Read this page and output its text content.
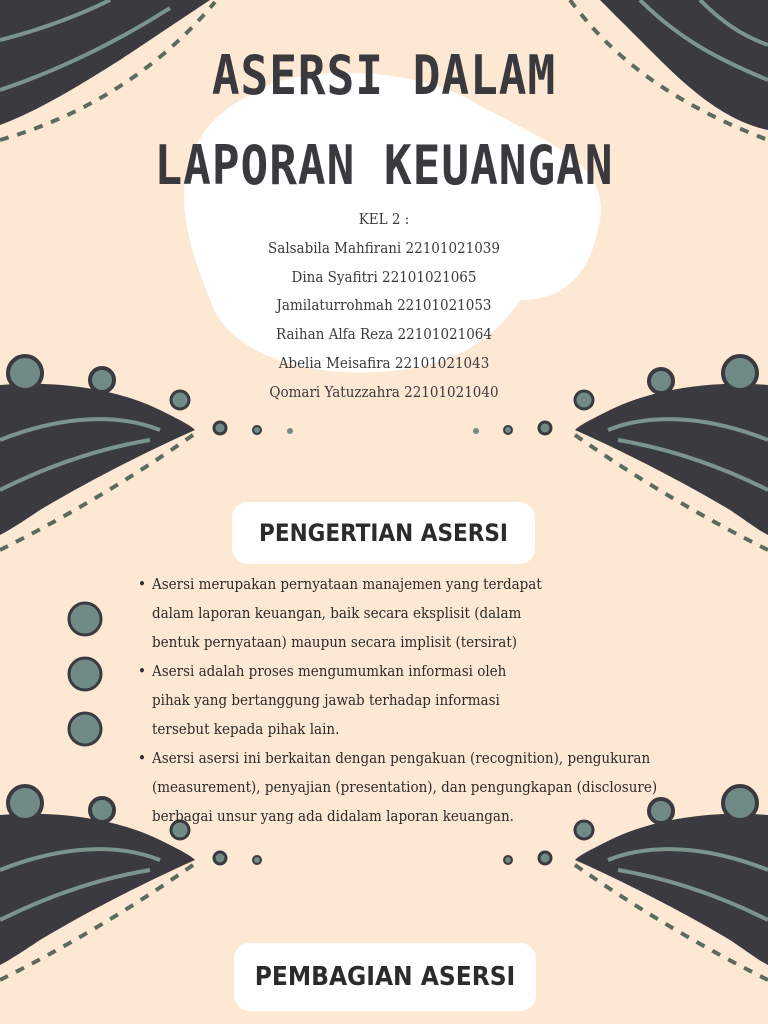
ASERSI DALAM
LAPORAN KEUANGAN
KEL 2 :
Salsabila Mahfirani 22101021039
Dina Syafitri 22101021065
Jamilaturrohmah 22101021053
Raihan Alfa Reza 22101021064
Abelia Meisafira 22101021043
Qomari Yatuzzahra 22101021040
PENGERTIAN ASERSI
• Asersi merupakan pernyataan manajemen yang terdapat
dalam laporan keuangan, baik secara eksplisit (dalam
bentuk pernyataan) maupun secara implisit (tersirat)
• Asersi adalah proses mengumumkan informasi oleh
pihak yang bertanggung jawab terhadap informasi
tersebut kepada pihak lain.
• Asersi asersi ini berkaitan dengan pengakuan (recognition), pengukuran
(measurement), penyajian (presentation), dan pengungkapan (disclosure)
berbagai unsur yang ada didalam laporan keuangan.
PEMBAGIAN ASERSI
